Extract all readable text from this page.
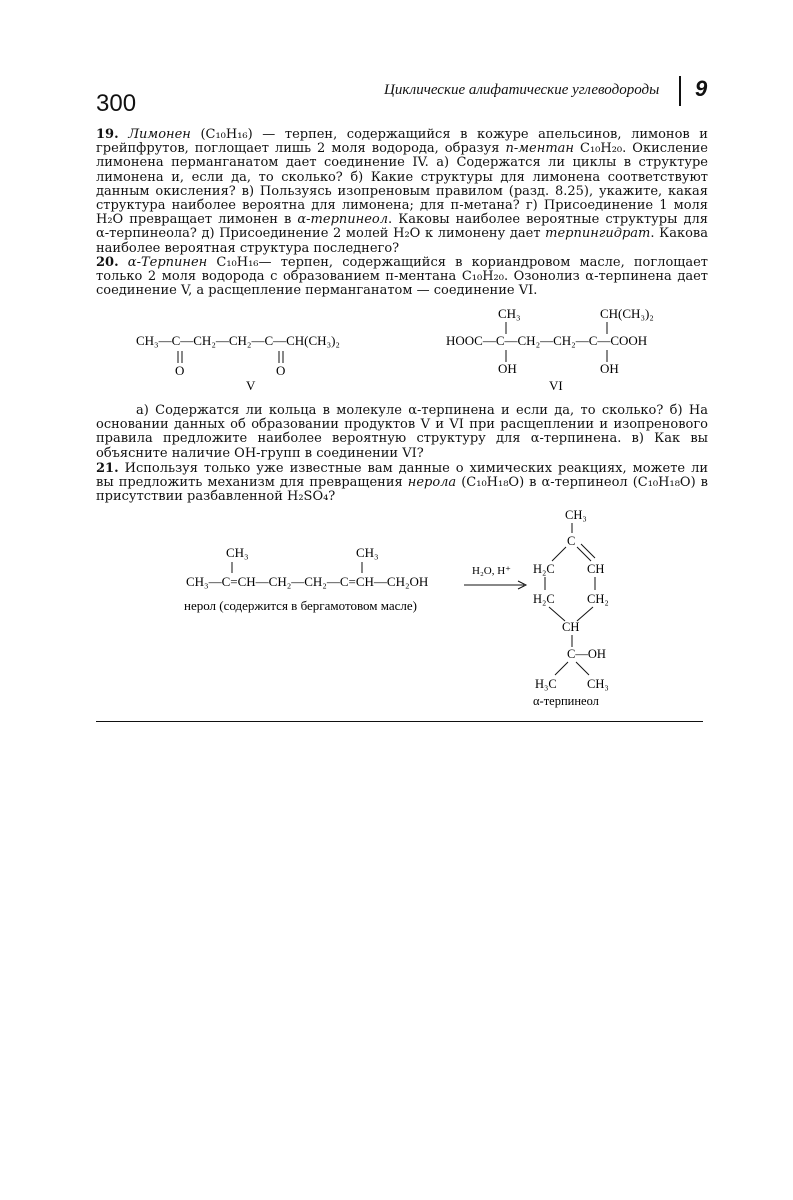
300	Циклические алифатические углеводороды 9
19. Лимонен (C₁₀H₁₆) — терпен, содержащийся в кожуре апельсинов, лимонов и грейпфрутов, поглощает лишь 2 моля водорода, образуя п-ментан C₁₀H₂₀. Окисление лимонена перманганатом дает соединение IV. а) Содержатся ли циклы в структуре лимонена и, если да, то сколько? б) Какие структуры для лимонена соответствуют данным окисления? в) Пользуясь изопреновым правилом (разд. 8.25), укажите, какая структура наиболее вероятна для лимонена; для п-метана? г) Присоединение 1 моля H₂O превращает лимонен в α-терпинеол. Каковы наиболее вероятные структуры для α-терпинеола? д) Присоединение 2 молей H₂O к лимонену дает терпингидрат. Какова наиболее вероятная структура последнего?
20. α-Терпинен C₁₀H₁₆— терпен, содержащийся в кориандровом масле, поглощает только 2 моля водорода с образованием п-ментана C₁₀H₂₀. Озонолиз α-терпинена дает соединение V, а расщепление перманганатом — соединение VI.
CH₃—C—CH₂—CH₂—C—CH(CH₃)₂
O	O
V
CH₃	CH(CH₃)₂
HOOC—C—CH₂—CH₂—C—COOH
OH	OH
VI
а) Содержатся ли кольца в молекуле α-терпинена и если да, то сколько? б) На основании данных об образовании продуктов V и VI при расщеплении и изопренового правила предложите наиболее вероятную структуру для α-терпинена. в) Как вы объясните наличие OH-групп в соединении VI?
21. Используя только уже известные вам данные о химических реакциях, можете ли вы предложить механизм для превращения нерола (C₁₀H₁₈O) в α-терпинеол (C₁₀H₁₈O) в присутствии разбавленной H₂SO₄?
CH₃	CH₃
CH₃—C=CH—CH₂—CH₂—C=CH—CH₂OH
нерол (содержится в бергамотовом масле)
H₂O, H⁺
CH₃
C
H₂C	CH
H₂C	CH₂
CH
C—OH
H₃C CH₃
α-терпинеол
